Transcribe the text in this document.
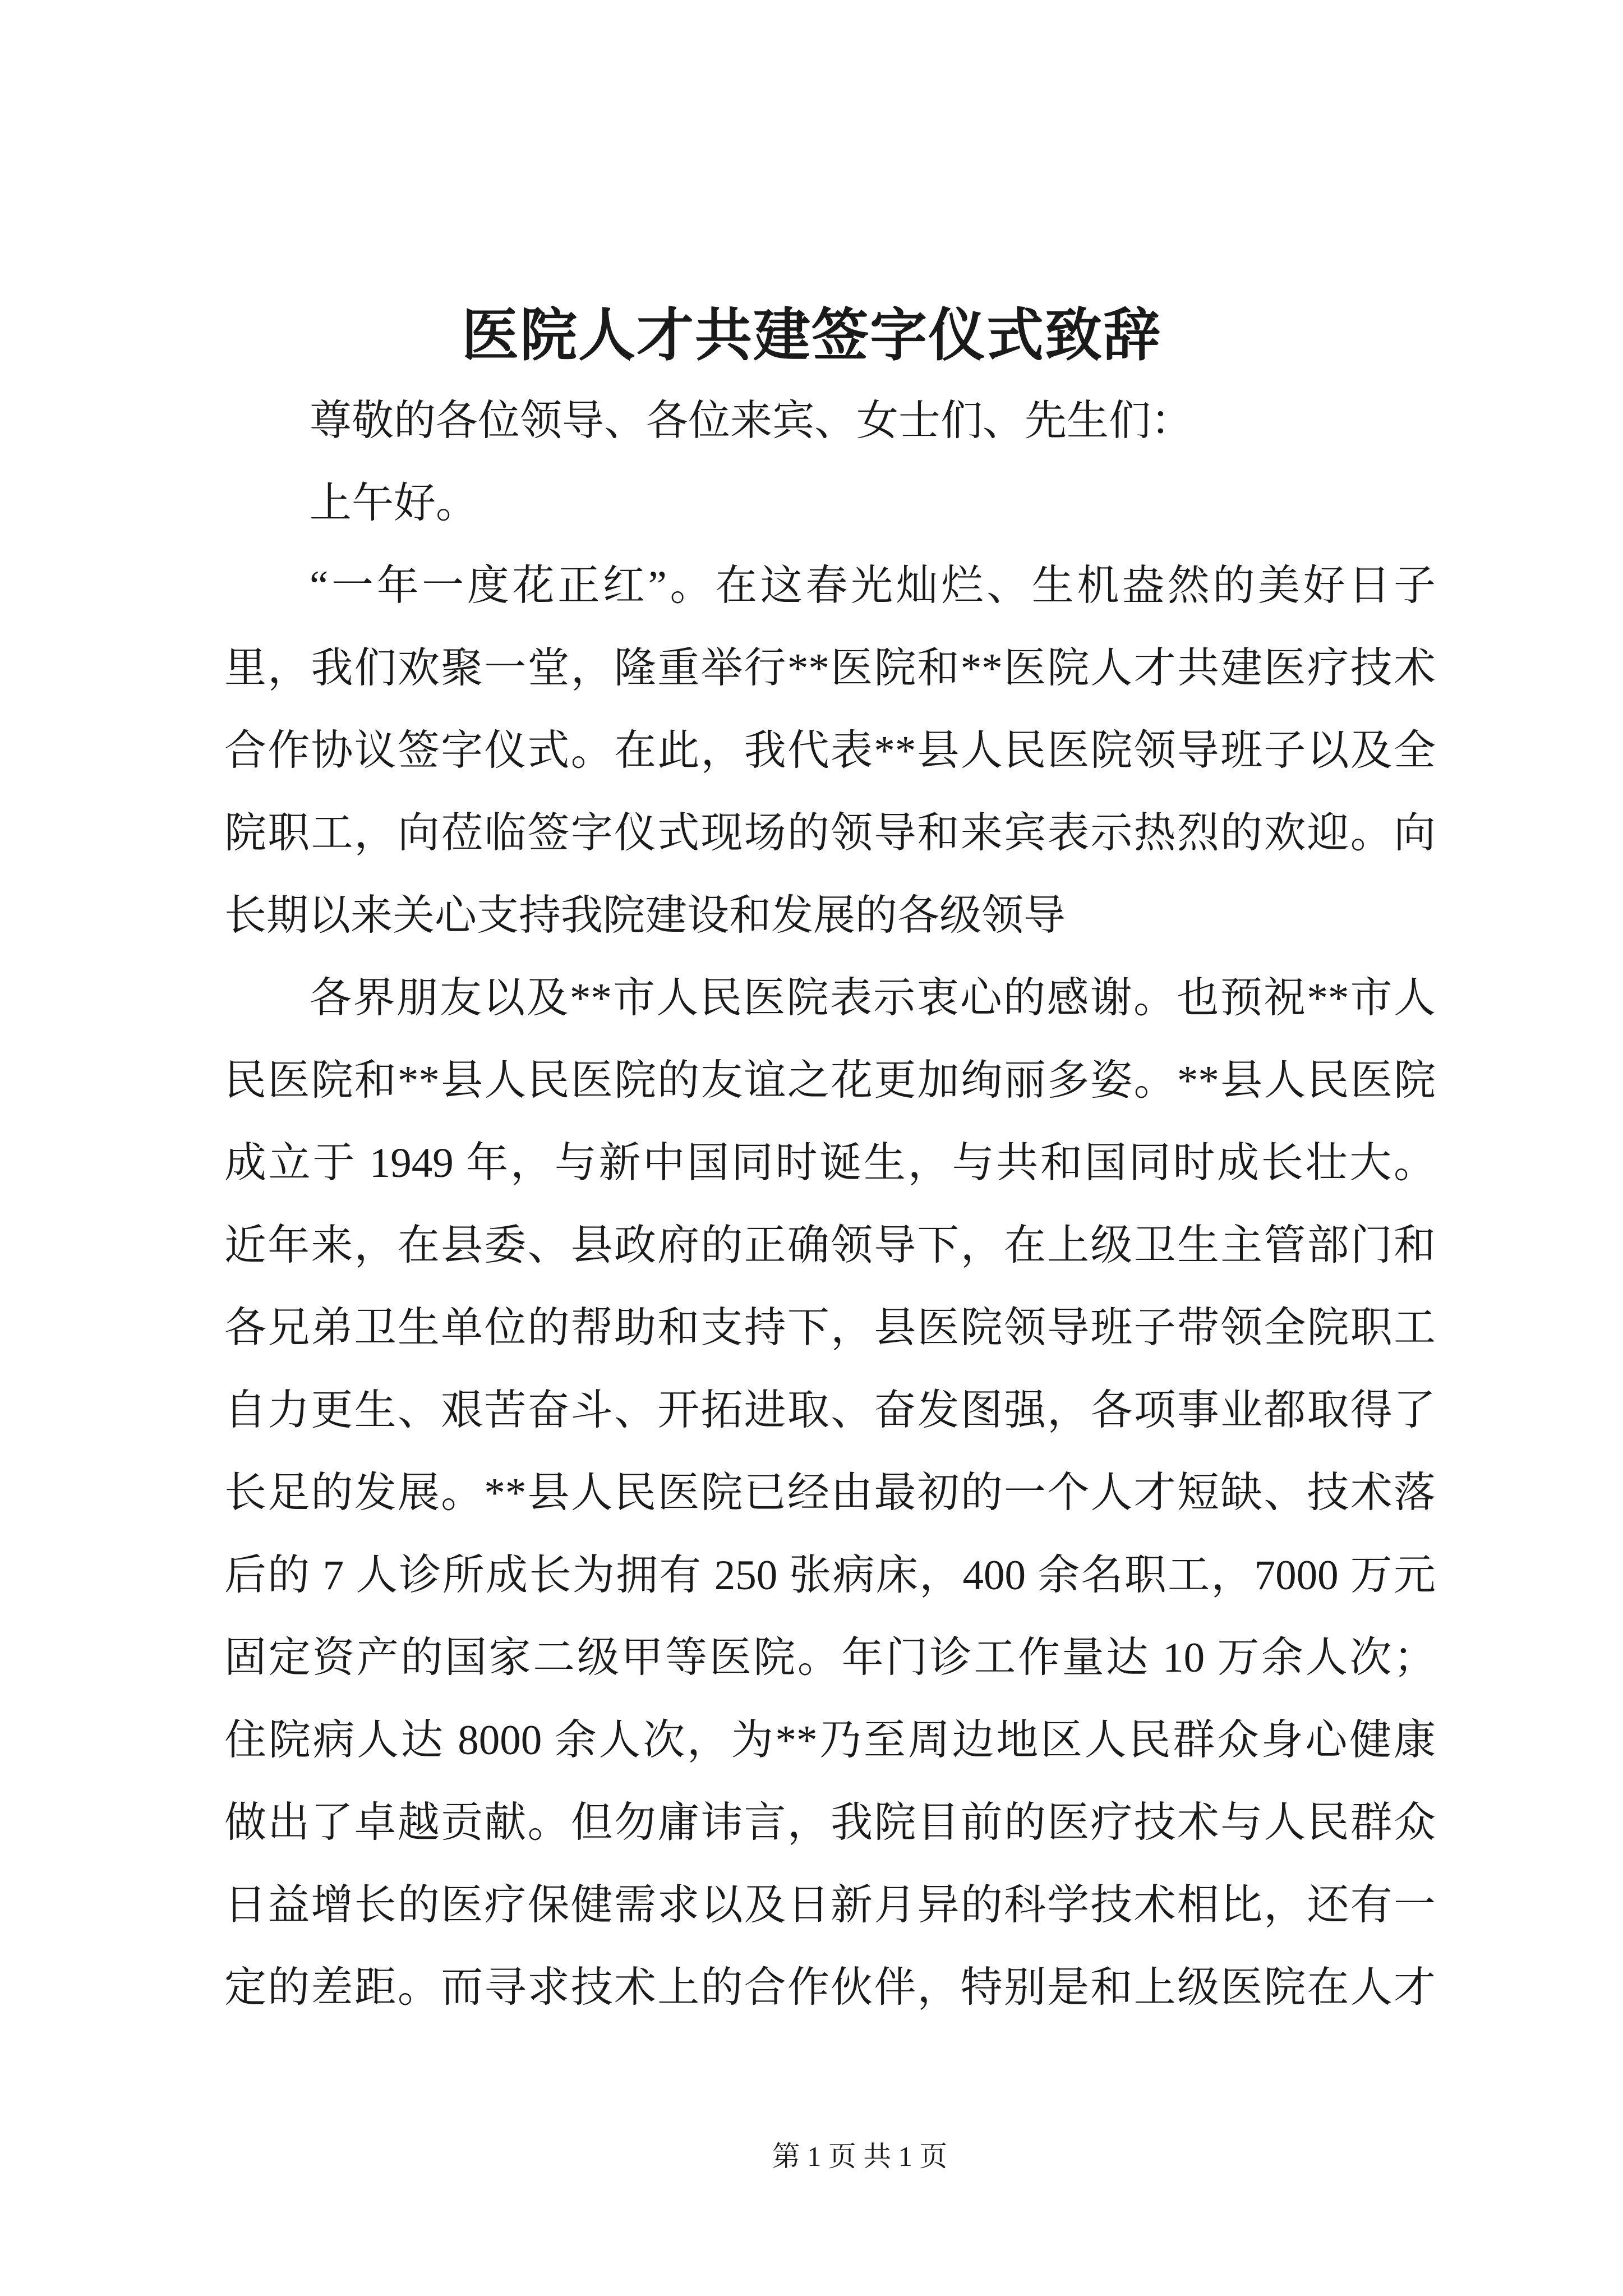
医院人才共建签字仪式致辞
尊敬的各位领导、各位来宾、女士们、先生们：
上午好。
“一年一度花正红”。在这春光灿烂、生机盎然的美好日子
里，我们欢聚一堂，隆重举行**医院和**医院人才共建医疗技术
合作协议签字仪式。在此，我代表**县人民医院领导班子以及全
院职工，向莅临签字仪式现场的领导和来宾表示热烈的欢迎。向
长期以来关心支持我院建设和发展的各级领导
各界朋友以及**市人民医院表示衷心的感谢。也预祝**市人
民医院和**县人民医院的友谊之花更加绚丽多姿。**县人民医院
成立于 1949 年，与新中国同时诞生，与共和国同时成长壮大。
近年来，在县委、县政府的正确领导下，在上级卫生主管部门和
各兄弟卫生单位的帮助和支持下，县医院领导班子带领全院职工
自力更生、艰苦奋斗、开拓进取、奋发图强，各项事业都取得了
长足的发展。**县人民医院已经由最初的一个人才短缺、技术落
后的 7 人诊所成长为拥有 250 张病床，400 余名职工，7000 万元
固定资产的国家二级甲等医院。年门诊工作量达 10 万余人次；
住院病人达 8000 余人次，为**乃至周边地区人民群众身心健康
做出了卓越贡献。但勿庸讳言，我院目前的医疗技术与人民群众
日益增长的医疗保健需求以及日新月异的科学技术相比，还有一
定的差距。而寻求技术上的合作伙伴，特别是和上级医院在人才
第 1 页 共 1 页
